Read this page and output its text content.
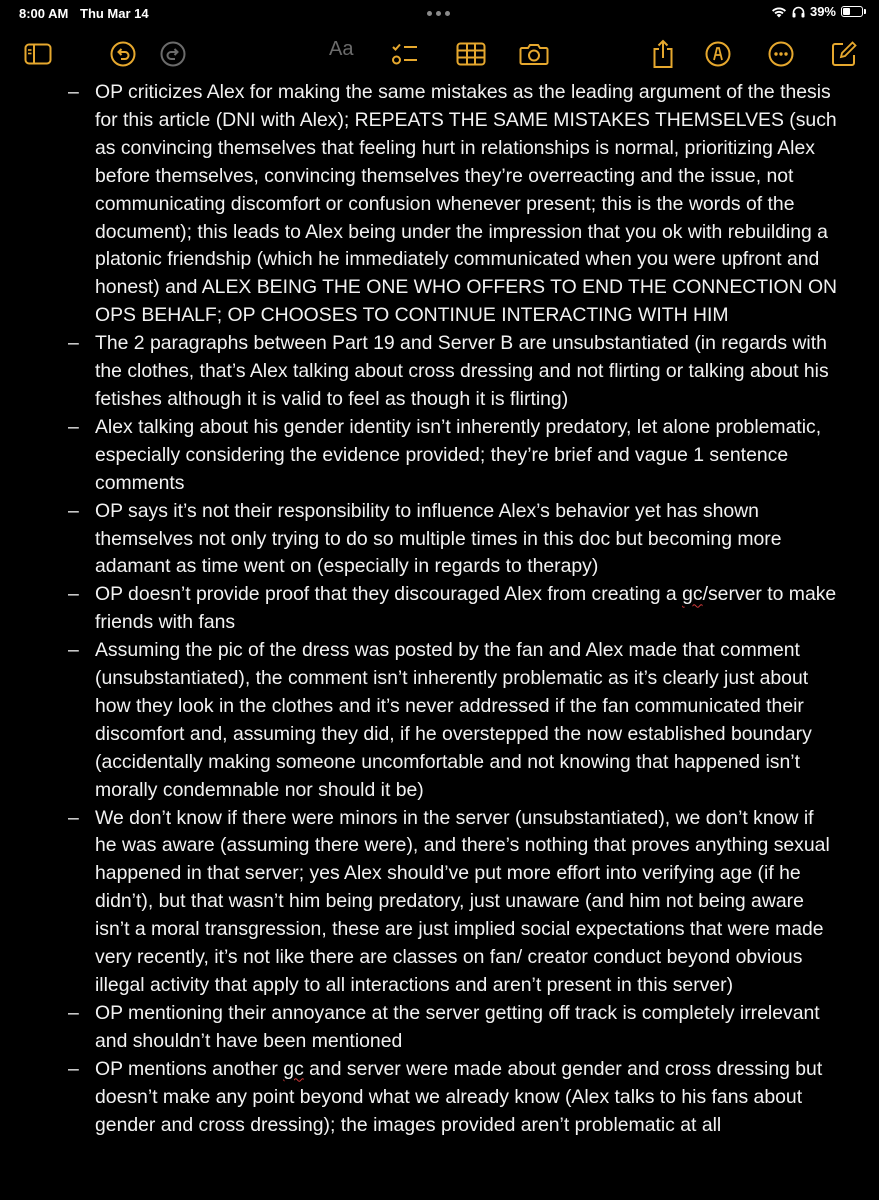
8:00 AM Thu Mar 14	39%
Aa
– OP criticizes Alex for making the same mistakes as the leading argument of the thesis for this article (DNI with Alex); REPEATS THE SAME MISTAKES THEMSELVES (such as convincing themselves that feeling hurt in relationships is normal, prioritizing Alex before themselves, convincing themselves they’re overreacting and the issue, not communicating discomfort or confusion whenever present; this is the words of the document); this leads to Alex being under the impression that you ok with rebuilding a platonic friendship (which he immediately communicated when you were upfront and honest) and ALEX BEING THE ONE WHO OFFERS TO END THE CONNECTION ON OPS BEHALF; OP CHOOSES TO CONTINUE INTERACTING WITH HIM
– The 2 paragraphs between Part 19 and Server B are unsubstantiated (in regards with the clothes, that’s Alex talking about cross dressing and not flirting or talking about his fetishes although it is valid to feel as though it is flirting)
– Alex talking about his gender identity isn’t inherently predatory, let alone problematic, especially considering the evidence provided; they’re brief and vague 1 sentence comments
– OP says it’s not their responsibility to influence Alex’s behavior yet has shown themselves not only trying to do so multiple times in this doc but becoming more adamant as time went on (especially in regards to therapy)
– OP doesn’t provide proof that they discouraged Alex from creating a gc/server to make friends with fans
– Assuming the pic of the dress was posted by the fan and Alex made that comment (unsubstantiated), the comment isn’t inherently problematic as it’s clearly just about how they look in the clothes and it’s never addressed if the fan communicated their discomfort and, assuming they did, if he overstepped the now established boundary (accidentally making someone uncomfortable and not knowing that happened isn’t morally condemnable nor should it be)
– We don’t know if there were minors in the server (unsubstantiated), we don’t know if he was aware (assuming there were), and there’s nothing that proves anything sexual happened in that server; yes Alex should’ve put more effort into verifying age (if he didn’t), but that wasn’t him being predatory, just unaware (and him not being aware isn’t a moral transgression, these are just implied social expectations that were made very recently, it’s not like there are classes on fan/ creator conduct beyond obvious illegal activity that apply to all interactions and aren’t present in this server)
– OP mentioning their annoyance at the server getting off track is completely irrelevant and shouldn’t have been mentioned
– OP mentions another gc and server were made about gender and cross dressing but doesn’t make any point beyond what we already know (Alex talks to his fans about gender and cross dressing); the images provided aren’t problematic at all
